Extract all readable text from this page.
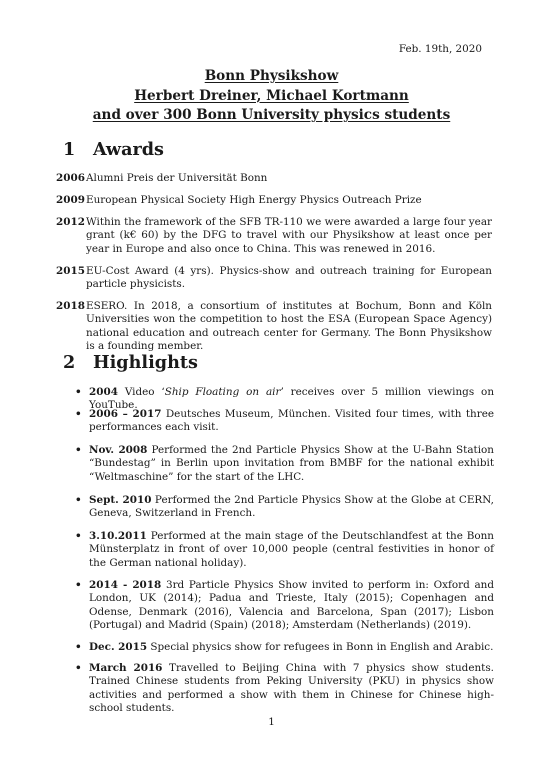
Feb. 19th, 2020
Bonn Physikshow
Herbert Dreiner, Michael Kortmann
and over 300 Bonn University physics students
1 Awards
2006 Alumni Preis der Universität Bonn
2009 European Physical Society High Energy Physics Outreach Prize
2012 Within the framework of the SFB TR-110 we were awarded a large four year grant (k€ 60) by the DFG to travel with our Physikshow at least once per year in Europe and also once to China. This was renewed in 2016.
2015 EU-Cost Award (4 yrs). Physics-show and outreach training for European particle physicists.
2018 ESERO. In 2018, a consortium of institutes at Bochum, Bonn and Köln Universities won the competition to host the ESA (European Space Agency) national education and outreach center for Germany. The Bonn Physikshow is a founding member.
2 Highlights
• 2004 Video ‘Ship Floating on air’ receives over 5 million viewings on YouTube.
• 2006 – 2017 Deutsches Museum, München. Visited four times, with three performances each visit.
• Nov. 2008 Performed the 2nd Particle Physics Show at the U-Bahn Station “Bundestag” in Berlin upon invitation from BMBF for the national exhibit “Weltmaschine” for the start of the LHC.
• Sept. 2010 Performed the 2nd Particle Physics Show at the Globe at CERN, Geneva, Switzerland in French.
• 3.10.2011 Performed at the main stage of the Deutschlandfest at the Bonn Münsterplatz in front of over 10,000 people (central festivities in honor of the German national holiday).
• 2014 - 2018 3rd Particle Physics Show invited to perform in: Oxford and London, UK (2014); Padua and Trieste, Italy (2015); Copenhagen and Odense, Denmark (2016), Valencia and Barcelona, Span (2017); Lisbon (Portugal) and Madrid (Spain) (2018); Amsterdam (Netherlands) (2019).
• Dec. 2015 Special physics show for refugees in Bonn in English and Arabic.
• March 2016 Travelled to Beijing China with 7 physics show students. Trained Chinese students from Peking University (PKU) in physics show activities and performed a show with them in Chinese for Chinese high-school students.
1
